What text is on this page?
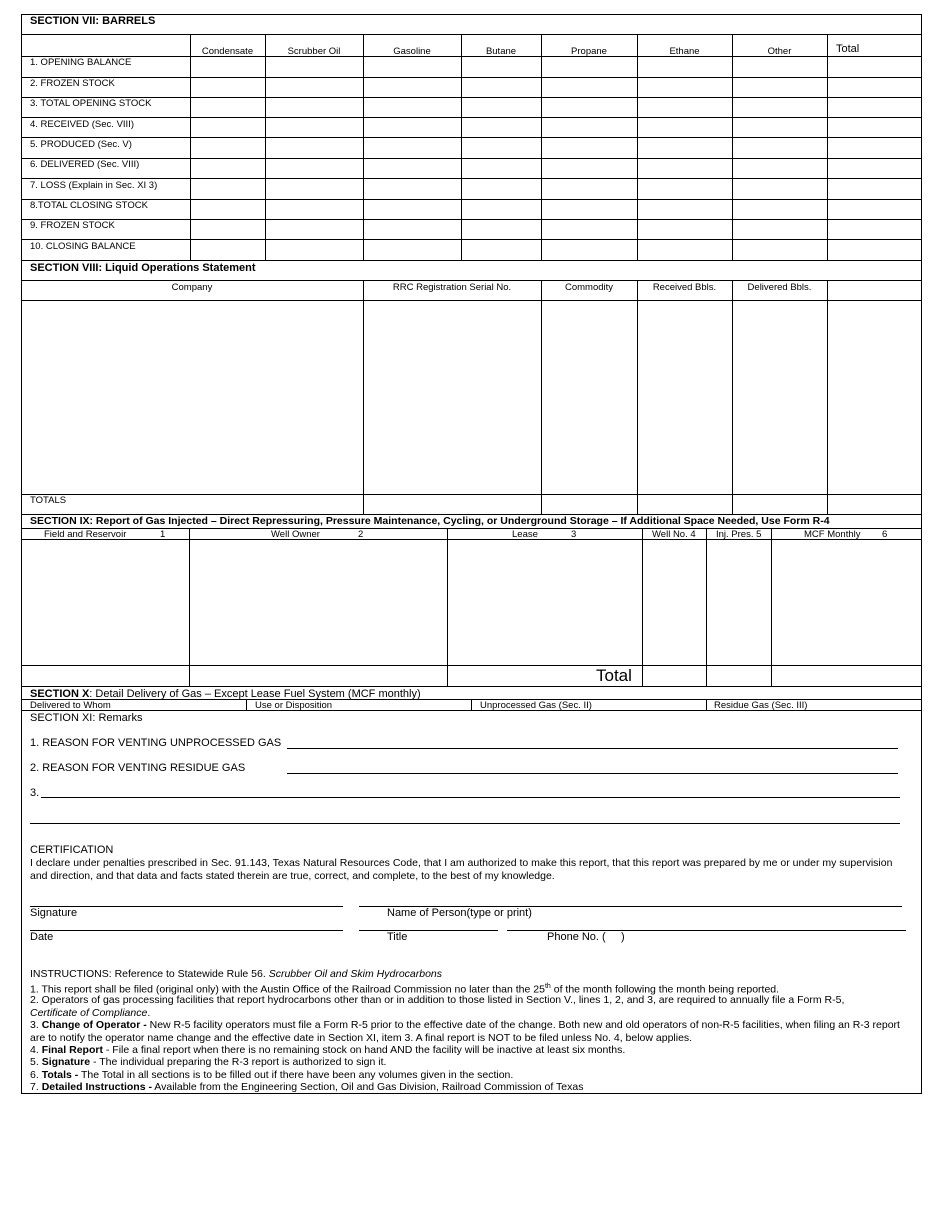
SECTION VII: BARRELS
Condensate	Scrubber Oil	Gasoline	Butane	Propane	Ethane	Other	Total
1. OPENING BALANCE
2. FROZEN STOCK
3. TOTAL OPENING STOCK
4. RECEIVED (Sec. VIII)
5. PRODUCED (Sec. V)
6. DELIVERED (Sec. VIII)
7. LOSS (Explain in Sec. XI 3)
8.TOTAL CLOSING STOCK
9. FROZEN STOCK
10. CLOSING BALANCE
SECTION VIII: Liquid Operations Statement
Company	RRC Registration Serial No.	Commodity	Received Bbls.	Delivered Bbls.
TOTALS
SECTION IX: Report of Gas Injected – Direct Repressuring, Pressure Maintenance, Cycling, or Underground Storage – If Additional Space Needed, Use Form R-4
Field and Reservoir	1	Well Owner	2	Lease	3	Well No. 4 Inj. Pres. 5	MCF Monthly 6
Total
SECTION X: Detail Delivery of Gas – Except Lease Fuel System (MCF monthly)
Delivered to Whom	Use or Disposition	Unprocessed Gas (Sec. II)	Residue Gas (Sec. III)
SECTION XI: Remarks
1. REASON FOR VENTING UNPROCESSED GAS
2. REASON FOR VENTING RESIDUE GAS
3.
CERTIFICATION
I declare under penalties prescribed in Sec. 91.143, Texas Natural Resources Code, that I am authorized to make this report, that this report was prepared by me or under my supervision and direction, and that data and facts stated therein are true, correct, and complete, to the best of my knowledge.
Signature	Name of Person(type or print)
Date	Title	Phone No. (     )
INSTRUCTIONS: Reference to Statewide Rule 56. Scrubber Oil and Skim Hydrocarbons
1. This report shall be filed (original only) with the Austin Office of the Railroad Commission no later than the 25th of the month following the month being reported.
2. Operators of gas processing facilities that report hydrocarbons other than or in addition to those listed in Section V., lines 1, 2, and 3, are required to annually file a Form R-5,
Certificate of Compliance.
3. Change of Operator - New R-5 facility operators must file a Form R-5 prior to the effective date of the change. Both new and old operators of non-R-5 facilities, when filing an R-3 report are to notify the operator name change and the effective date in Section XI, item 3. A final report is NOT to be filed unless No. 4, below applies.
4. Final Report - File a final report when there is no remaining stock on hand AND the facility will be inactive at least six months.
5. Signature - The individual preparing the R-3 report is authorized to sign it.
6. Totals - The Total in all sections is to be filled out if there have been any volumes given in the section.
7. Detailed Instructions - Available from the Engineering Section, Oil and Gas Division, Railroad Commission of Texas
